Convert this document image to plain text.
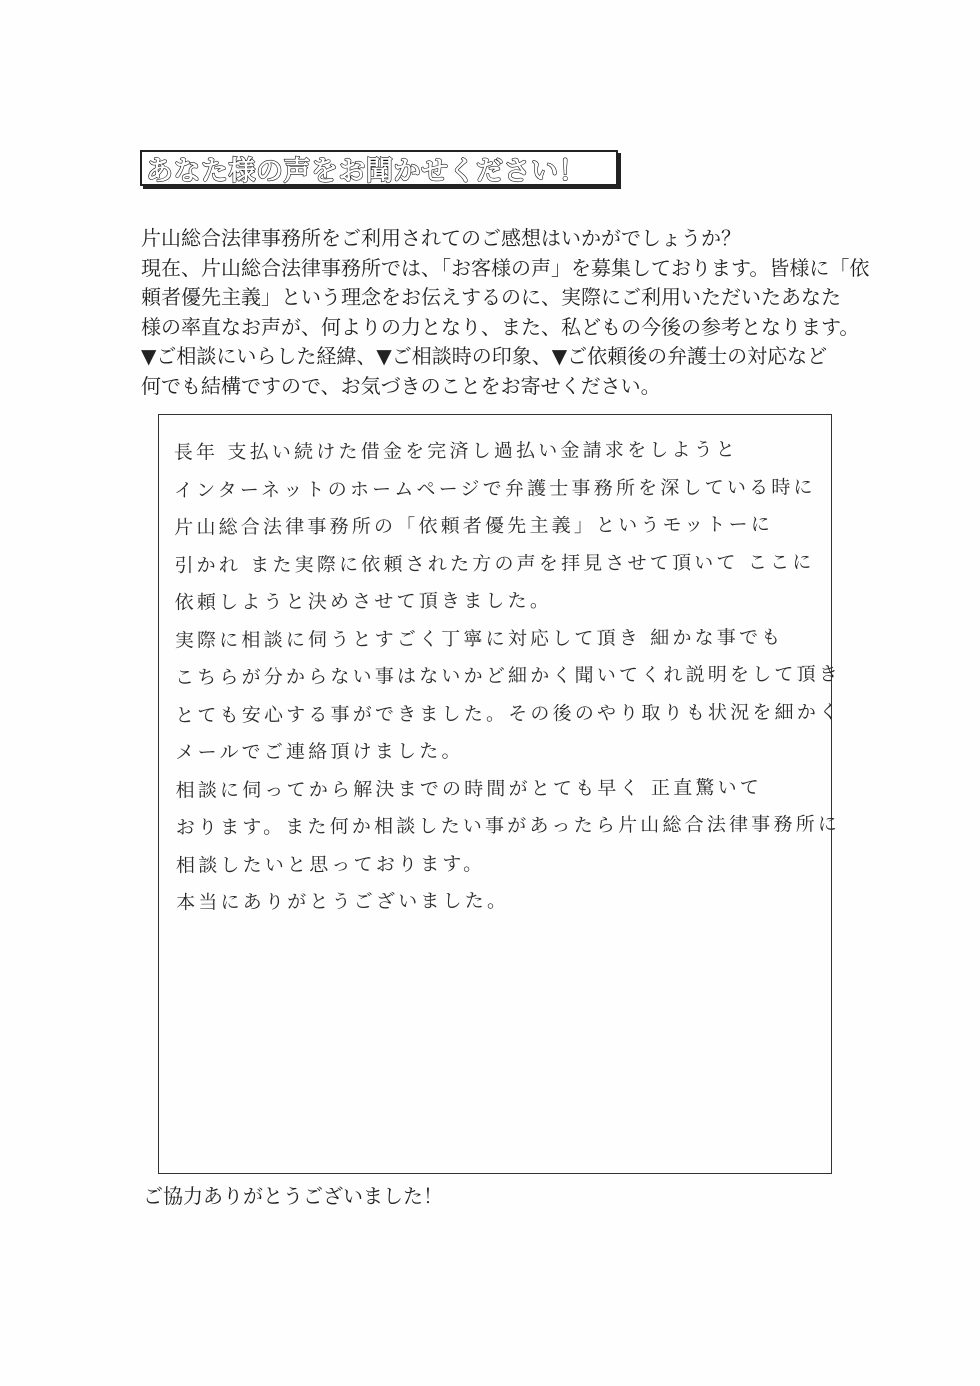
あなた様の声をお聞かせください！

片山総合法律事務所をご利用されてのご感想はいかがでしょうか？
現在、片山総合法律事務所では、「お客様の声」を募集しております。皆様に「依
頼者優先主義」という理念をお伝えするのに、実際にご利用いただいたあなた
様の率直なお声が、何よりの力となり、また、私どもの今後の参考となります。
▼ご相談にいらした経緯、▼ご相談時の印象、▼ご依頼後の弁護士の対応など
何でも結構ですので、お気づきのことをお寄せください。

長年 支払い続けた借金を完済し過払い金請求をしようと
インターネットのホームページで弁護士事務所を深している時に
片山総合法律事務所の「依頼者優先主義」というモットーに
引かれ また実際に依頼された方の声を拝見させて頂いて ここに
依頼しようと決めさせて頂きました。
実際に相談に伺うとすごく丁寧に対応して頂き 細かな事でも
こちらが分からない事はないかど細かく聞いてくれ説明をして頂き
とても安心する事ができました。その後のやり取りも状況を細かく
メールでご連絡頂けました。
相談に伺ってから解決までの時間がとても早く 正直驚いて
おります。また何か相談したい事があったら片山総合法律事務所に
相談したいと思っております。
本当にありがとうございました。
ご協力ありがとうございました！
